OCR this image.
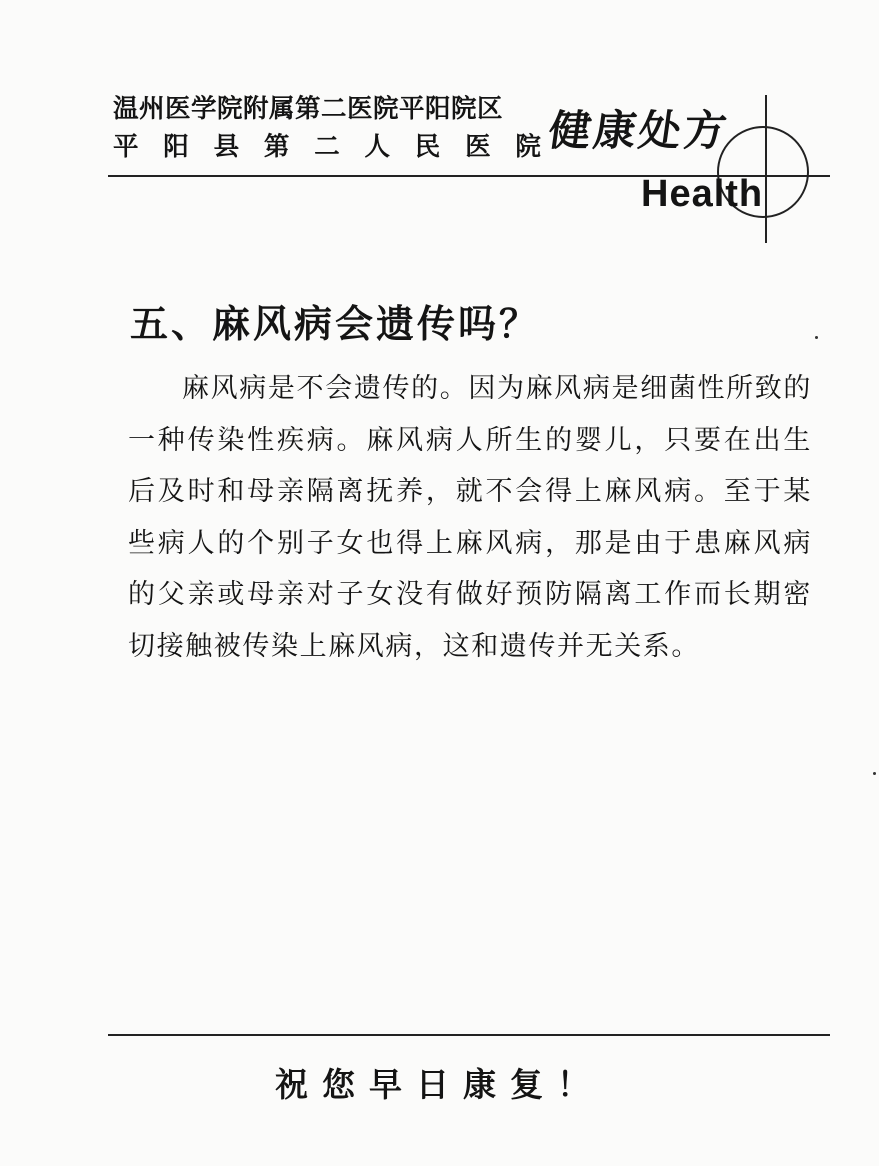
温州医学院附属第二医院平阳院区
平 阳 县 第 二 人 民 医 院 健康处方
Health
五、麻风病会遗传吗？

麻风病是不会遗传的。因为麻风病是细菌性所致的一种传染性疾病。麻风病人所生的婴儿，只要在出生后及时和母亲隔离抚养，就不会得上麻风病。至于某些病人的个别子女也得上麻风病，那是由于患麻风病的父亲或母亲对子女没有做好预防隔离工作而长期密切接触被传染上麻风病，这和遗传并无关系。

祝您早日康复！
